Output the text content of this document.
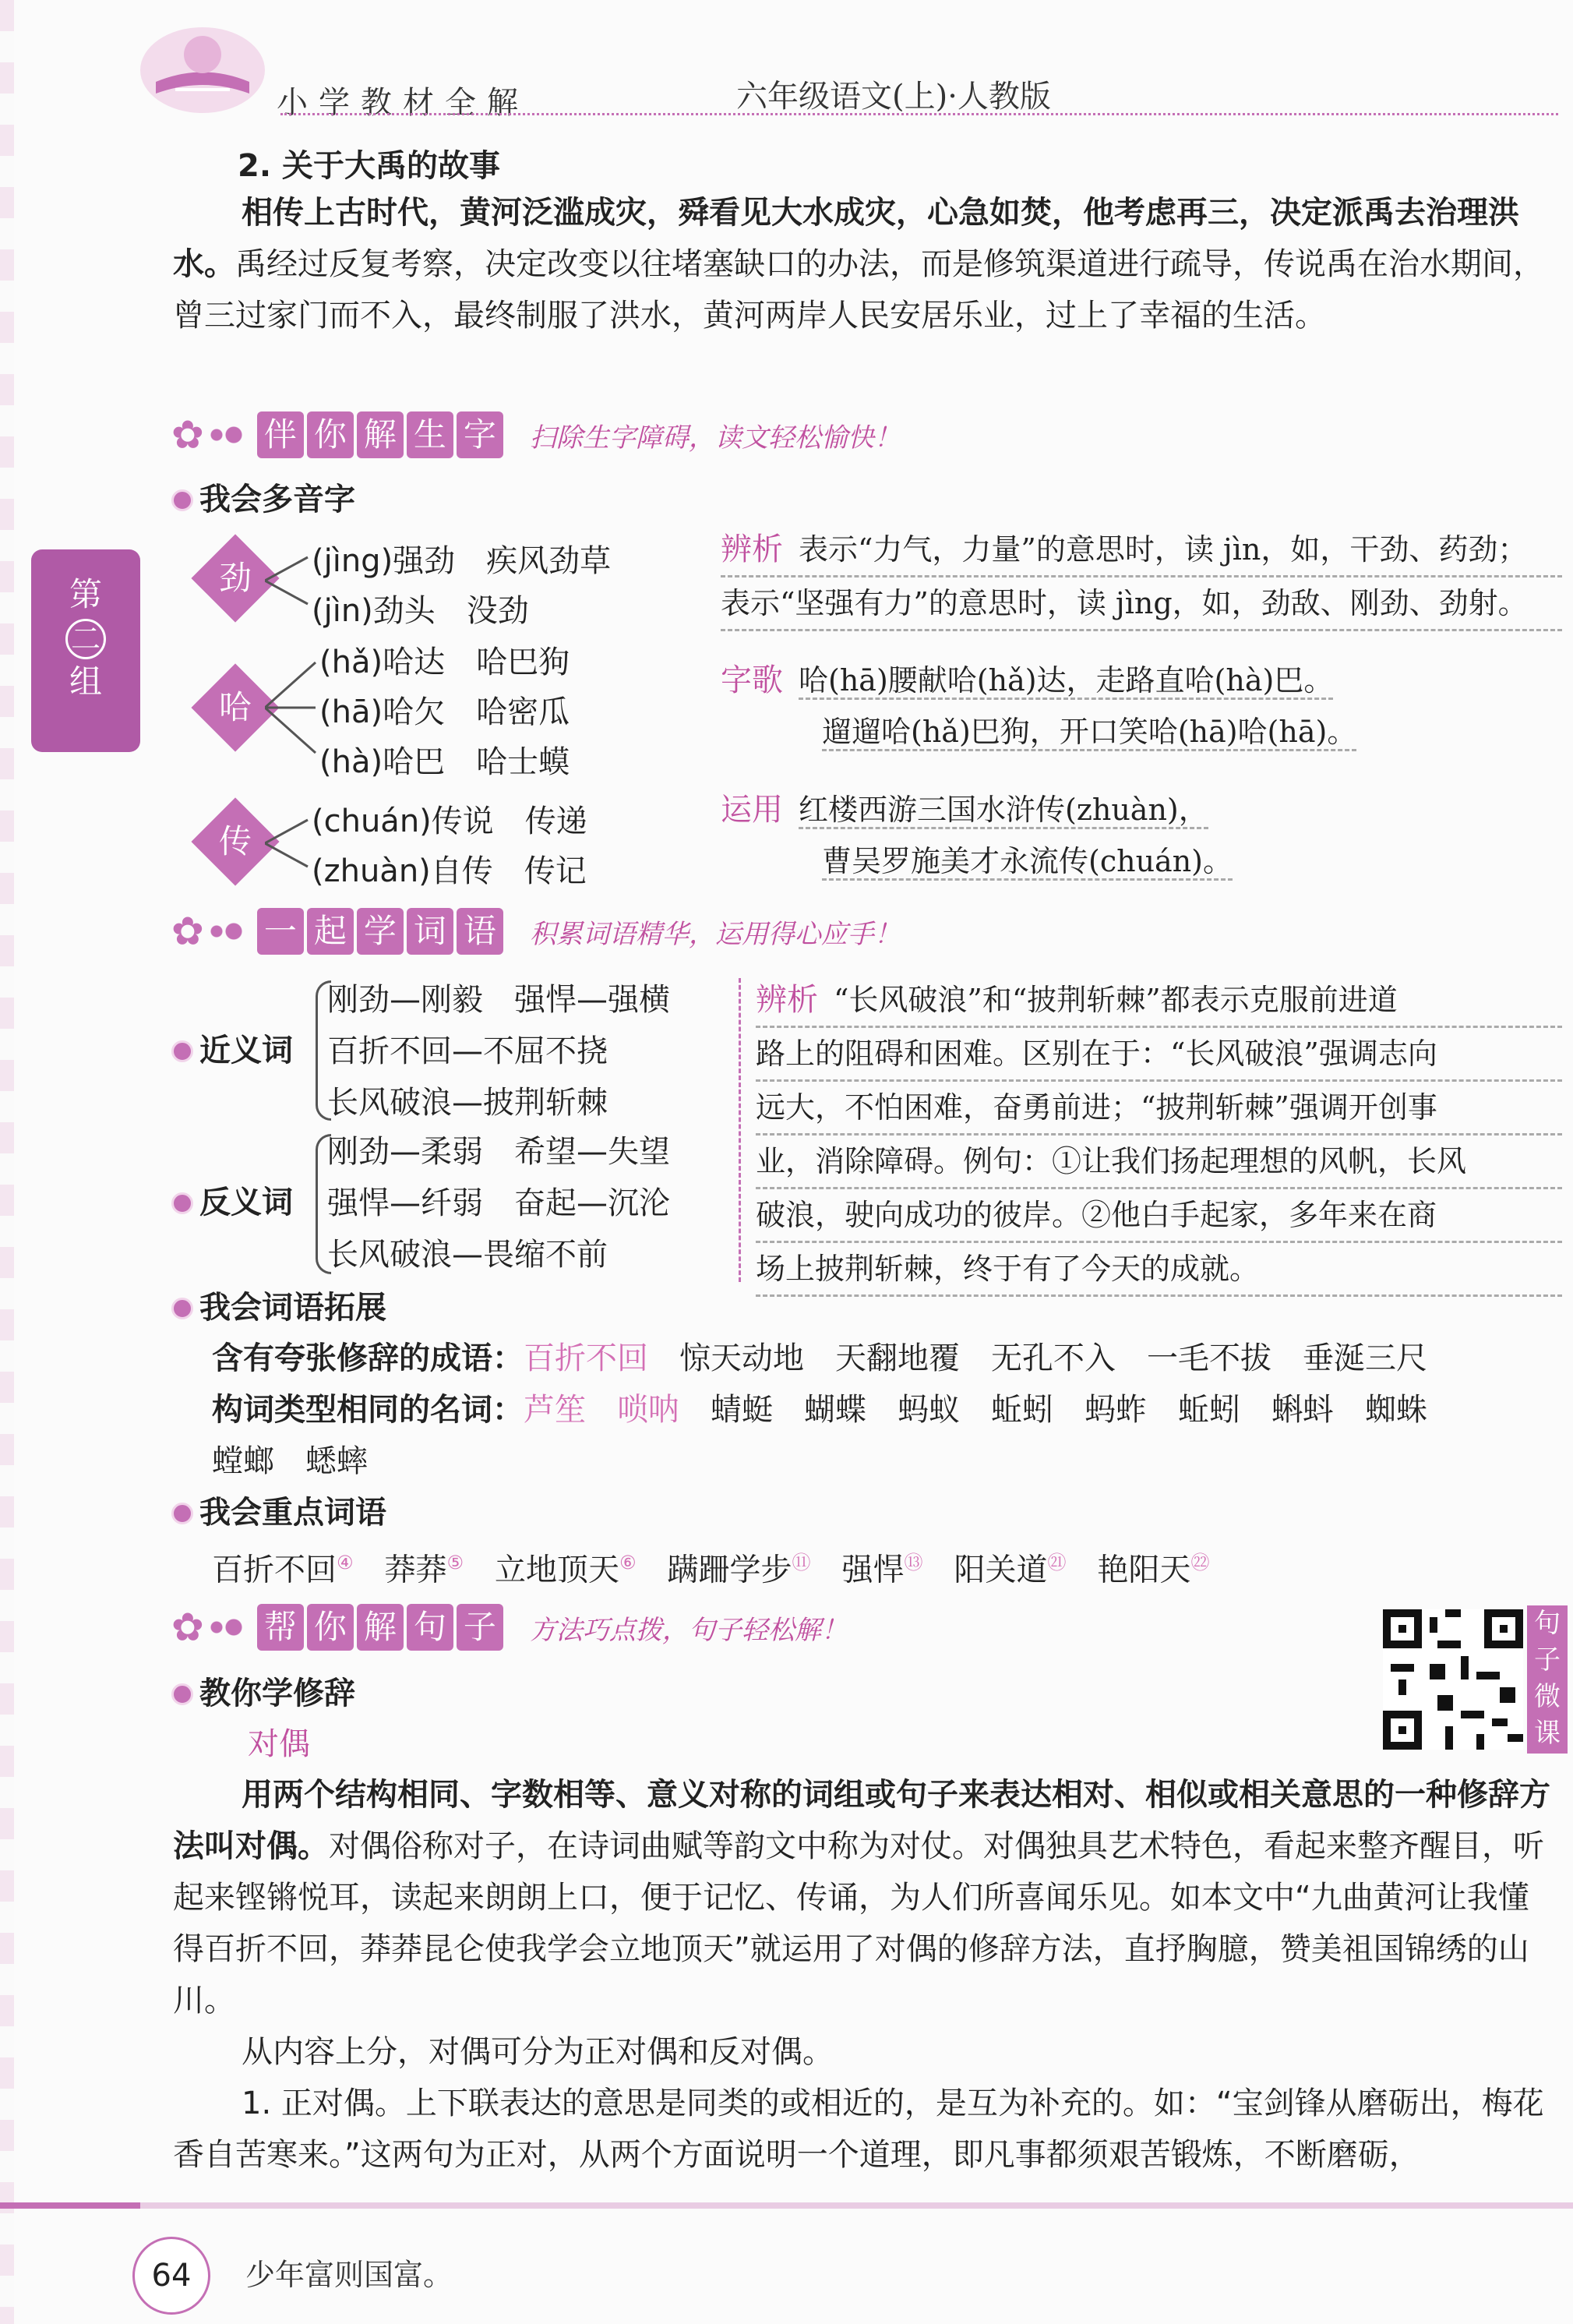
小学教材全解	六年级语文(上)·人教版
第
二
组
2. 关于大禹的故事
相传上古时代，黄河泛滥成灾，舜看见大水成灾，心急如焚，他考虑再三，决定派禹去治理洪水。禹经过反复考察，决定改变以往堵塞缺口的办法，而是修筑渠道进行疏导，传说禹在治水期间，曾三过家门而不入，最终制服了洪水，黄河两岸人民安居乐业，过上了幸福的生活。
✿ 伴 你 解 生 字 扫除生字障碍，读文轻松愉快！
我会多音字
劲	(jìng)强劲　疾风劲草
(jìn)劲头　没劲
哈
(hǎ)哈达　哈巴狗
(hā)哈欠　哈密瓜
(hà)哈巴　哈士蟆
传
(chuán)传说　传递
(zhuàn)自传　传记
辨析 表示“力气，力量”的意思时，读 jìn，如，干劲、药劲；
表示“坚强有力”的意思时，读 jìng，如，劲敌、刚劲、劲射。
字歌 哈(hā)腰献哈(hǎ)达，走路直哈(hà)巴。
遛遛哈(hǎ)巴狗，开口笑哈(hā)哈(hā)。
运用 红楼西游三国水浒传(zhuàn)，
曹吴罗施美才永流传(chuán)。
✿ 一 起 学 词 语 积累词语精华，运用得心应手！
近义词
刚劲—刚毅　强悍—强横
百折不回—不屈不挠
长风破浪—披荆斩棘
反义词
刚劲—柔弱　希望—失望
强悍—纤弱　奋起—沉沦
长风破浪—畏缩不前
辨析 “长风破浪”和“披荆斩棘”都表示克服前进道
路上的阻碍和困难。区别在于：“长风破浪”强调志向
远大，不怕困难，奋勇前进；“披荆斩棘”强调开创事
业，消除障碍。例句：①让我们扬起理想的风帆，长风
破浪，驶向成功的彼岸。②他白手起家，多年来在商
场上披荆斩棘，终于有了今天的成就。
我会词语拓展
含有夸张修辞的成语：百折不回　 惊天动地　天翻地覆　无孔不入　一毛不拔　垂涎三尺
构词类型相同的名词：芦笙　唢呐　 蜻蜓　蝴蝶　蚂蚁　蚯蚓　蚂蚱　蚯蚓　蝌蚪　蜘蛛
螳螂　蟋蟀
我会重点词语
百折不回④ 莽莽⑤ 立地顶天⑥ 蹒跚学步⑪ 强悍⑬ 阳关道$^㉑$ 艳阳天$^㉒$
✿ 帮 你 解 句 子 方法巧点拨，句子轻松解！	句
子
微
课
教你学修辞
对偶
用两个结构相同、字数相等、意义对称的词组或句子来表达相对、相似或相关意思的一种修辞方法叫对偶。对偶俗称对子，在诗词曲赋等韵文中称为对仗。对偶独具艺术特色，看起来整齐醒目，听起来铿锵悦耳，读起来朗朗上口，便于记忆、传诵，为人们所喜闻乐见。如本文中“九曲黄河让我懂得百折不回，莽莽昆仑使我学会立地顶天”就运用了对偶的修辞方法，直抒胸臆，赞美祖国锦绣的山川。
从内容上分，对偶可分为正对偶和反对偶。
1. 正对偶。上下联表达的意思是同类的或相近的，是互为补充的。如：“宝剑锋从磨砺出，梅花香自苦寒来。”这两句为正对，从两个方面说明一个道理，即凡事都须艰苦锻炼，不断磨砺，
64	少年富则国富。
